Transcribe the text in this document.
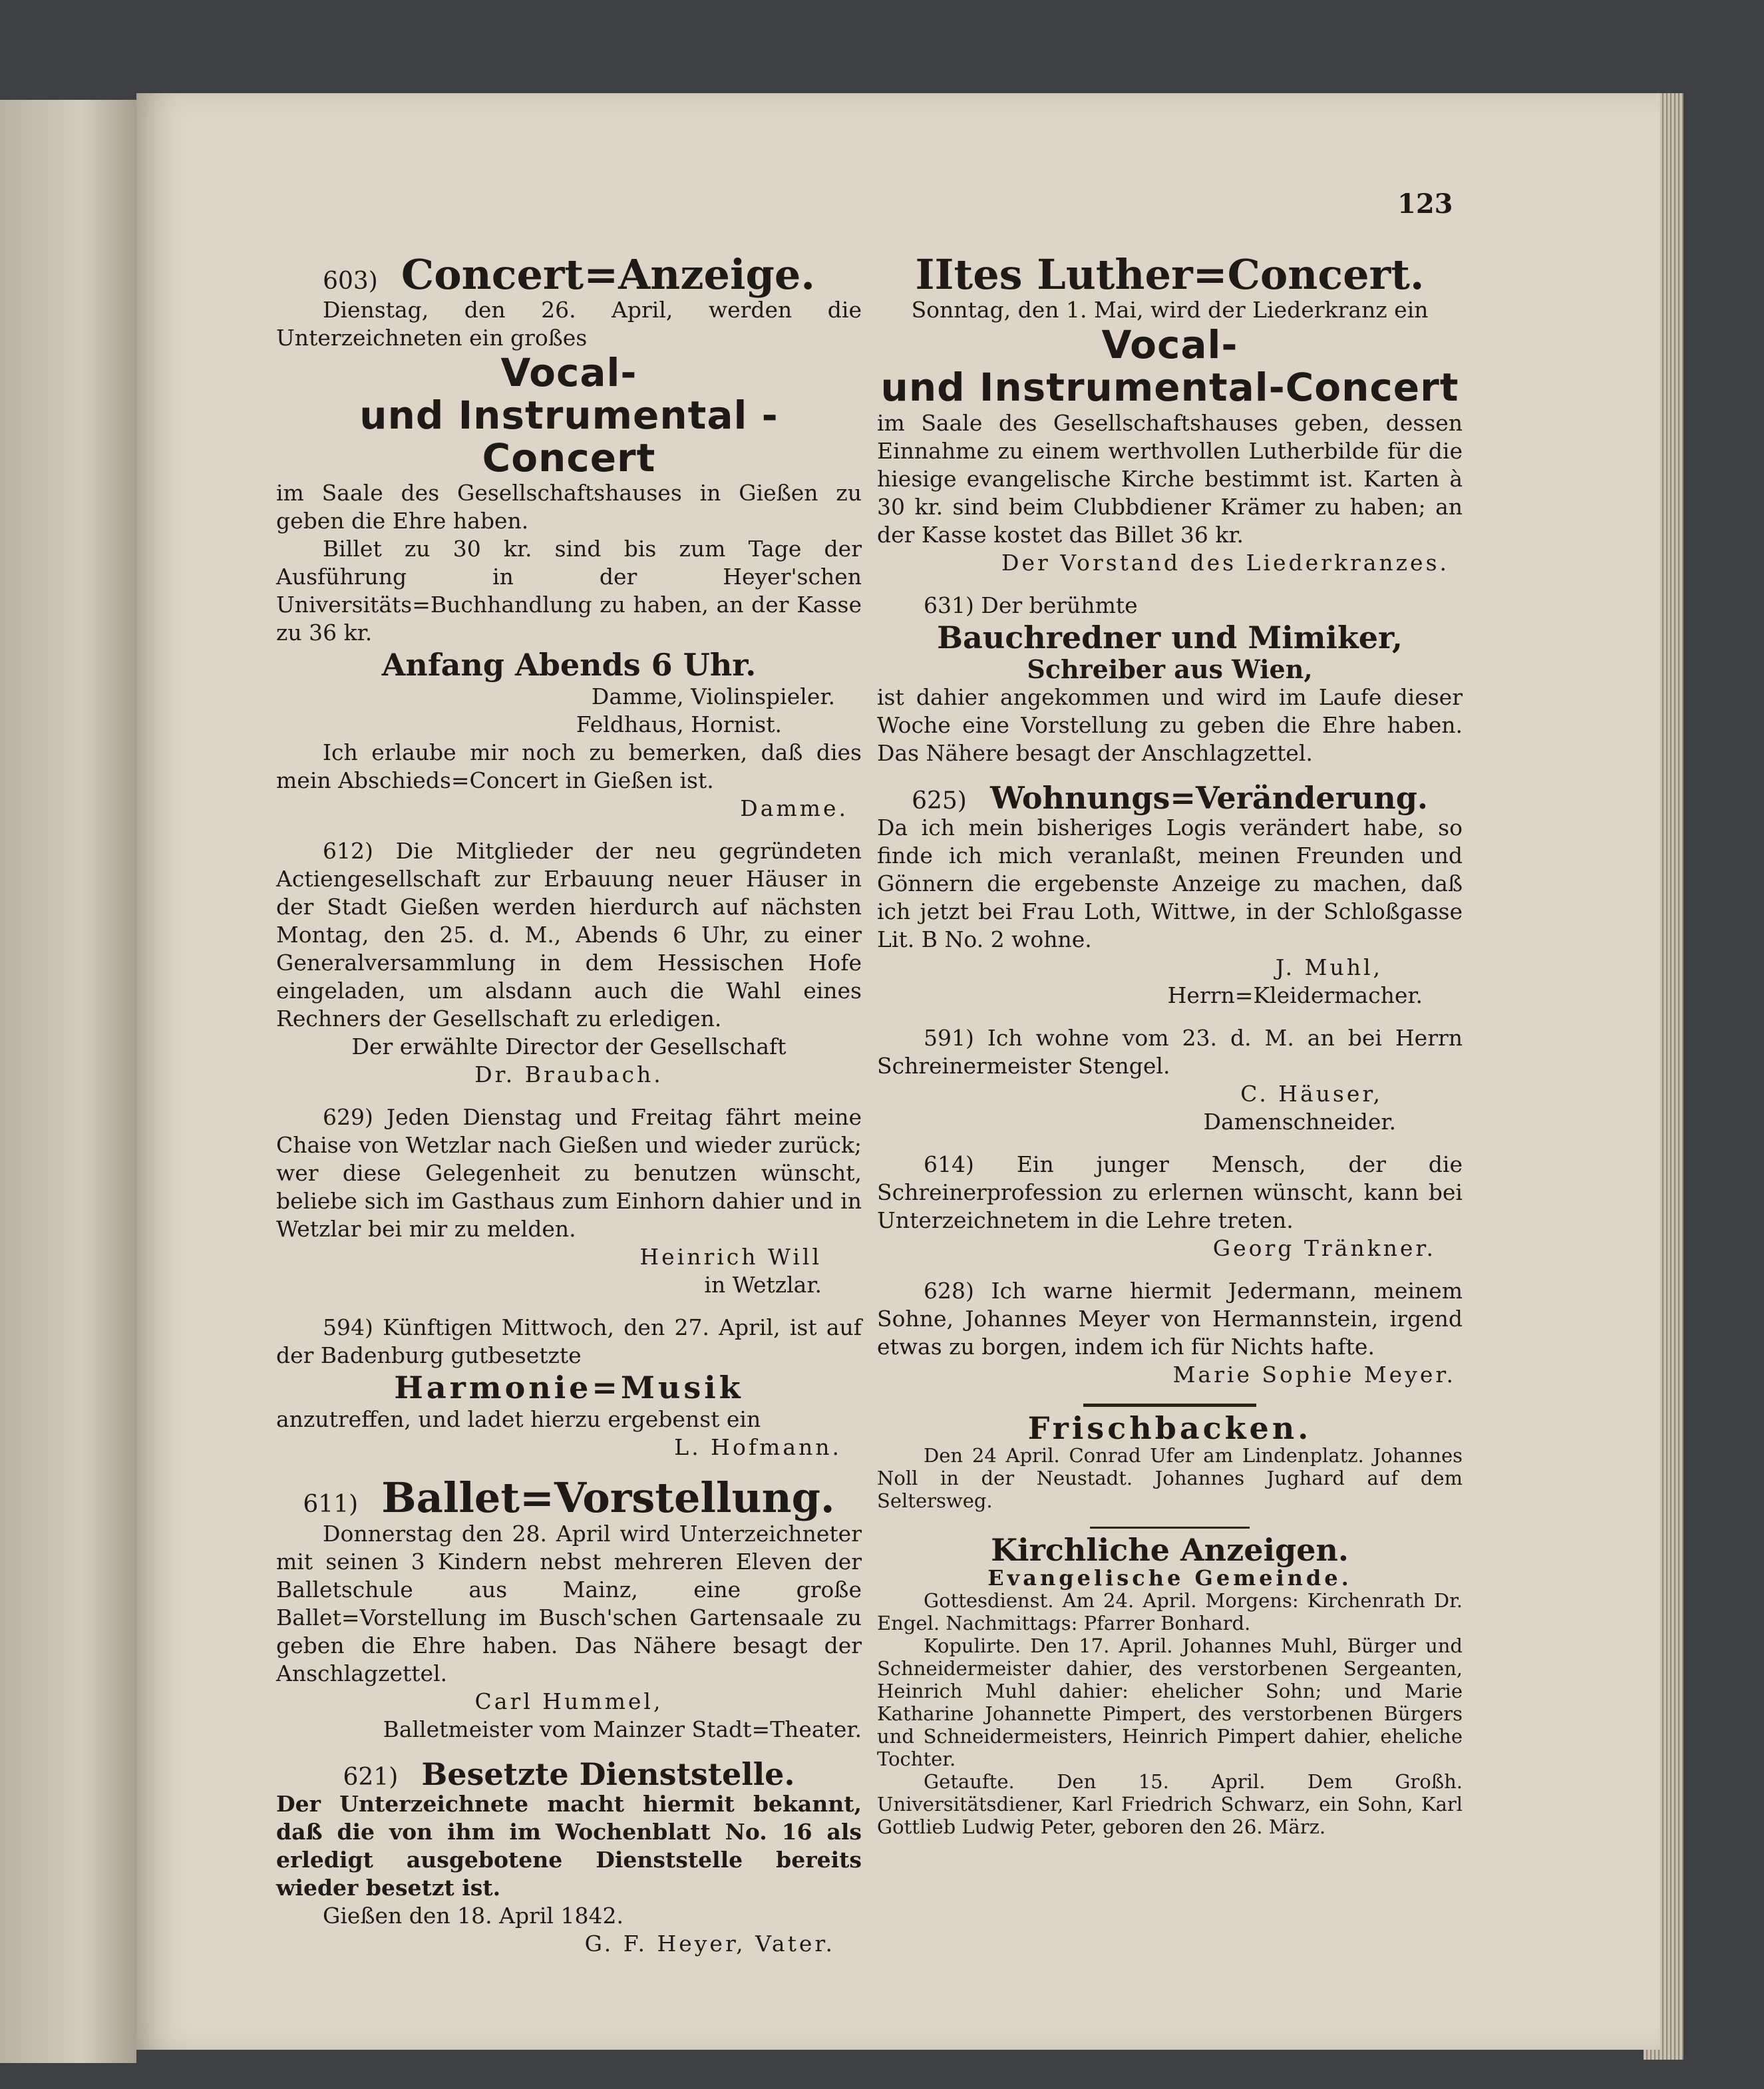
123
603) Concert=Anzeige.

Dienstag, den 26. April, werden die Unterzeichneten ein großes

Vocal-
und Instrumental - Concert

im Saale des Gesellschaftshauses in Gießen zu geben die Ehre haben.

Billet zu 30 kr. sind bis zum Tage der Ausführung in der Heyer'schen Universitäts=Buchhandlung zu haben, an der Kasse zu 36 kr.

Anfang Abends 6 Uhr.

Damme, Violinspieler.

Feldhaus, Hornist.

Ich erlaube mir noch zu bemerken, daß dies mein Abschieds=Concert in Gießen ist.

Damme.

612) Die Mitglieder der neu gegründeten Actiengesellschaft zur Erbauung neuer Häuser in der Stadt Gießen werden hierdurch auf nächsten Montag, den 25. d. M., Abends 6 Uhr, zu einer Generalversammlung in dem Hessischen Hofe eingeladen, um alsdann auch die Wahl eines Rechners der Gesellschaft zu erledigen.

Der erwählte Director der Gesellschaft

Dr. Braubach.

629) Jeden Dienstag und Freitag fährt meine Chaise von Wetzlar nach Gießen und wieder zurück; wer diese Gelegenheit zu benutzen wünscht, beliebe sich im Gasthaus zum Einhorn dahier und in Wetzlar bei mir zu melden.

Heinrich Will

in Wetzlar.

594) Künftigen Mittwoch, den 27. April, ist auf der Badenburg gutbesetzte

Harmonie=Musik

anzutreffen, und ladet hierzu ergebenst ein

L. Hofmann.

611) Ballet=Vorstellung.

Donnerstag den 28. April wird Unterzeichneter mit seinen 3 Kindern nebst mehreren Eleven der Balletschule aus Mainz, eine große Ballet=Vorstellung im Busch'schen Gartensaale zu geben die Ehre haben. Das Nähere besagt der Anschlagzettel.

Carl Hummel,

Balletmeister vom Mainzer Stadt=Theater.

621) Besetzte Dienststelle.

Der Unterzeichnete macht hiermit bekannt, daß die von ihm im Wochenblatt No. 16 als erledigt ausgebotene Dienststelle bereits wieder besetzt ist.

Gießen den 18. April 1842.

G. F. Heyer, Vater.

IItes Luther=Concert.

Sonntag, den 1. Mai, wird der Liederkranz ein

Vocal-
und Instrumental-Concert

im Saale des Gesellschaftshauses geben, dessen Einnahme zu einem werthvollen Lutherbilde für die hiesige evangelische Kirche bestimmt ist. Karten à 30 kr. sind beim Clubbdiener Krämer zu haben; an der Kasse kostet das Billet 36 kr.

Der Vorstand des Liederkranzes.

631) Der berühmte

Bauchredner und Mimiker,

Schreiber aus Wien,

ist dahier angekommen und wird im Laufe dieser Woche eine Vorstellung zu geben die Ehre haben. Das Nähere besagt der Anschlagzettel.

625) Wohnungs=Veränderung.

Da ich mein bisheriges Logis verändert habe, so finde ich mich veranlaßt, meinen Freunden und Gönnern die ergebenste Anzeige zu machen, daß ich jetzt bei Frau Loth, Wittwe, in der Schloßgasse Lit. B No. 2 wohne.

J. Muhl,

Herrn=Kleidermacher.

591) Ich wohne vom 23. d. M. an bei Herrn Schreinermeister Stengel.

C. Häuser,

Damenschneider.

614) Ein junger Mensch, der die Schreinerprofession zu erlernen wünscht, kann bei Unterzeichnetem in die Lehre treten.

Georg Tränkner.

628) Ich warne hiermit Jedermann, meinem Sohne, Johannes Meyer von Hermannstein, irgend etwas zu borgen, indem ich für Nichts hafte.

Marie Sophie Meyer.

Frischbacken.

Den 24 April. Conrad Ufer am Lindenplatz. Johannes Noll in der Neustadt. Johannes Jughard auf dem Seltersweg.

Kirchliche Anzeigen.

Evangelische Gemeinde.

Gottesdienst. Am 24. April. Morgens: Kirchenrath Dr. Engel. Nachmittags: Pfarrer Bonhard.

Kopulirte. Den 17. April. Johannes Muhl, Bürger und Schneidermeister dahier, des verstorbenen Sergeanten, Heinrich Muhl dahier: ehelicher Sohn; und Marie Katharine Johannette Pimpert, des verstorbenen Bürgers und Schneidermeisters, Heinrich Pimpert dahier, eheliche Tochter.

Getaufte. Den 15. April. Dem Großh. Universitätsdiener, Karl Friedrich Schwarz, ein Sohn, Karl Gottlieb Ludwig Peter, geboren den 26. März.
